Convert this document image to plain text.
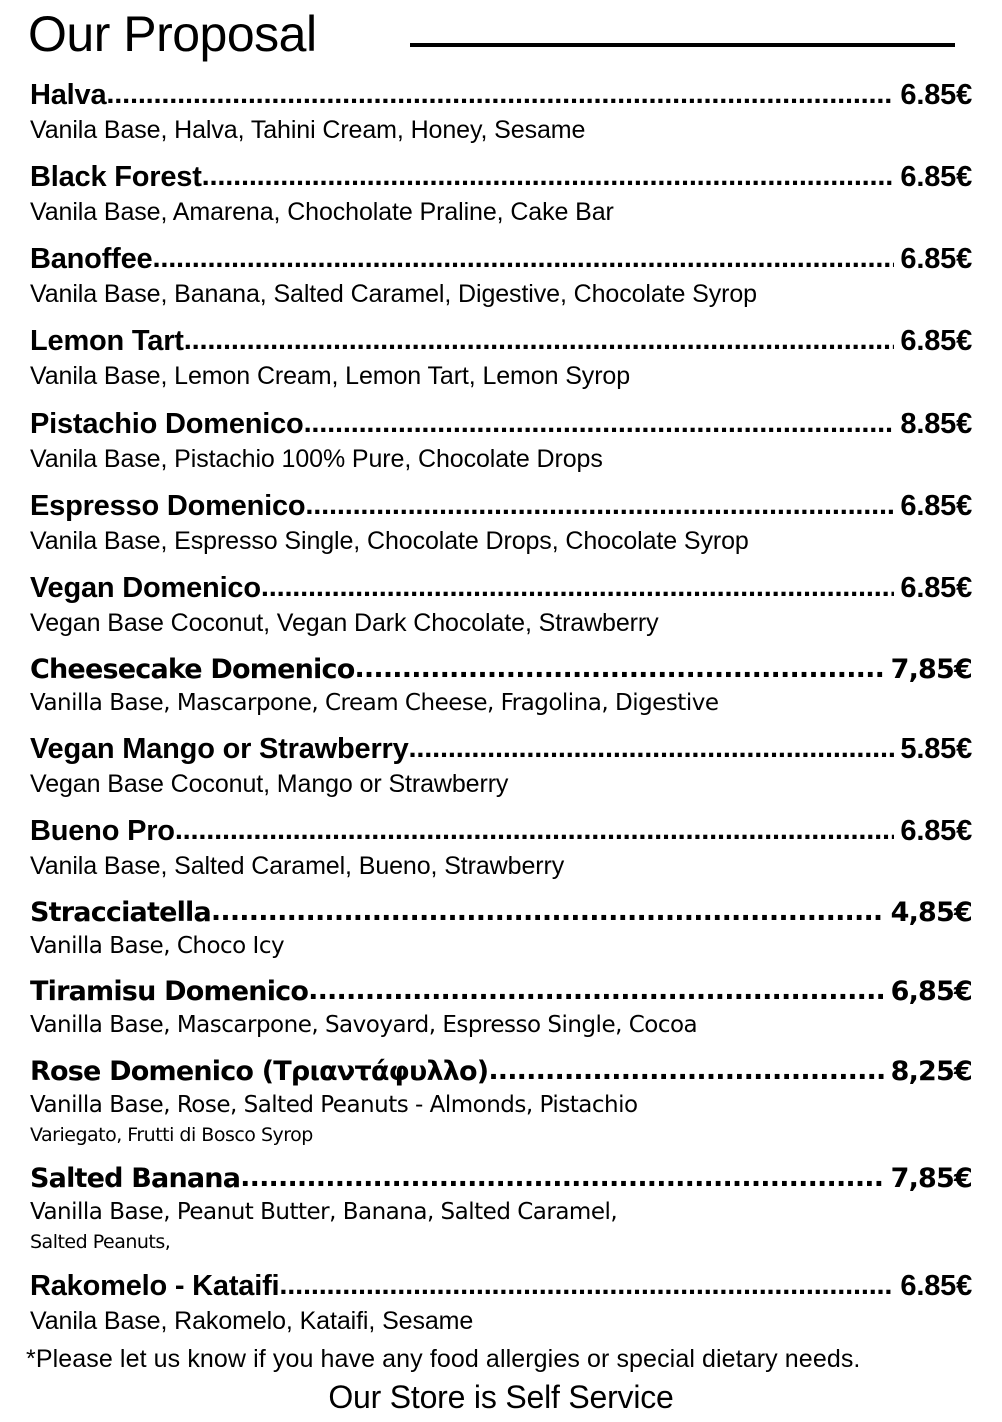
Our Proposal
Halva .....	6.85€
Vanila Base, Halva, Tahini Cream, Honey, Sesame
Black Forest .....	6.85€
Vanila Base, Amarena, Chocholate Praline, Cake Bar
Banoffee .....	6.85€
Vanila Base, Banana, Salted Caramel, Digestive, Chocolate Syrop
Lemon Tart .....	6.85€
Vanila Base, Lemon Cream, Lemon Tart, Lemon Syrop
Pistachio Domenico .....	8.85€
Vanila Base, Pistachio 100% Pure, Chocolate Drops
Espresso Domenico .....	6.85€
Vanila Base, Espresso Single, Chocolate Drops, Chocolate Syrop
Vegan Domenico .....	6.85€
Vegan Base Coconut, Vegan Dark Chocolate, Strawberry
Cheesecake Domenico .....	7,85€
Vanilla Base, Mascarpone, Cream Cheese, Fragolina, Digestive
Vegan Mango or Strawberry .....	5.85€
Vegan Base Coconut, Mango or Strawberry
Bueno Pro .....	6.85€
Vanila Base, Salted Caramel, Bueno, Strawberry
Stracciatella .....	4,85€
Vanilla Base, Choco Icy
Tiramisu Domenico .....	6,85€
Vanilla Base, Mascarpone, Savoyard, Espresso Single, Cocoa
Rose Domenico (Τριαντάφυλλο) .....	8,25€
Vanilla Base, Rose, Salted Peanuts - Almonds, Pistachio
Variegato, Frutti di Bosco Syrop
Salted Banana .....	7,85€
Vanilla Base, Peanut Butter, Banana, Salted Caramel,
Salted Peanuts,
Rakomelo - Kataifi .....	6.85€
Vanila Base, Rakomelo, Kataifi, Sesame
*Please let us know if you have any food allergies or special dietary needs.
Our Store is Self Service
